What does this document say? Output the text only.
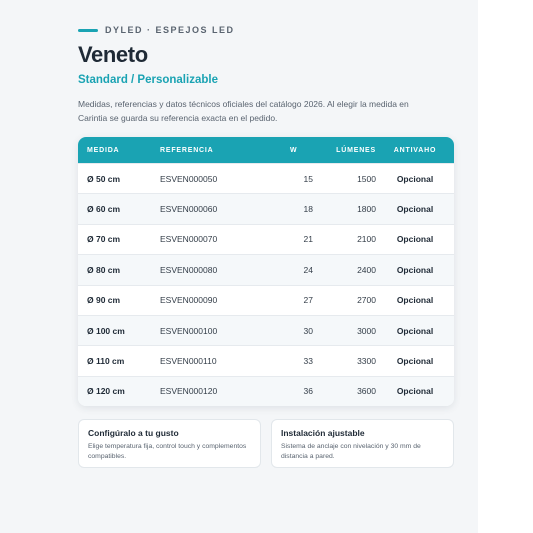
DYLED · ESPEJOS LED
Veneto
Standard / Personalizable
Medidas, referencias y datos técnicos oficiales del catálogo 2026. Al elegir la medida en Carintia se guarda su referencia exacta en el pedido.
MEDIDA	REFERENCIA	W	LÚMENES	ANTIVAHO
Ø 50 cm	ESVEN000050	15	1500	Opcional
Ø 60 cm	ESVEN000060	18	1800	Opcional
Ø 70 cm	ESVEN000070	21	2100	Opcional
Ø 80 cm	ESVEN000080	24	2400	Opcional
Ø 90 cm	ESVEN000090	27	2700	Opcional
Ø 100 cm	ESVEN000100	30	3000	Opcional
Ø 110 cm	ESVEN000110	33	3300	Opcional
Ø 120 cm	ESVEN000120	36	3600	Opcional
Configúralo a tu gusto
Elige temperatura fija, control touch y complementos compatibles.
Instalación ajustable
Sistema de anclaje con nivelación y 30 mm de distancia a pared.
